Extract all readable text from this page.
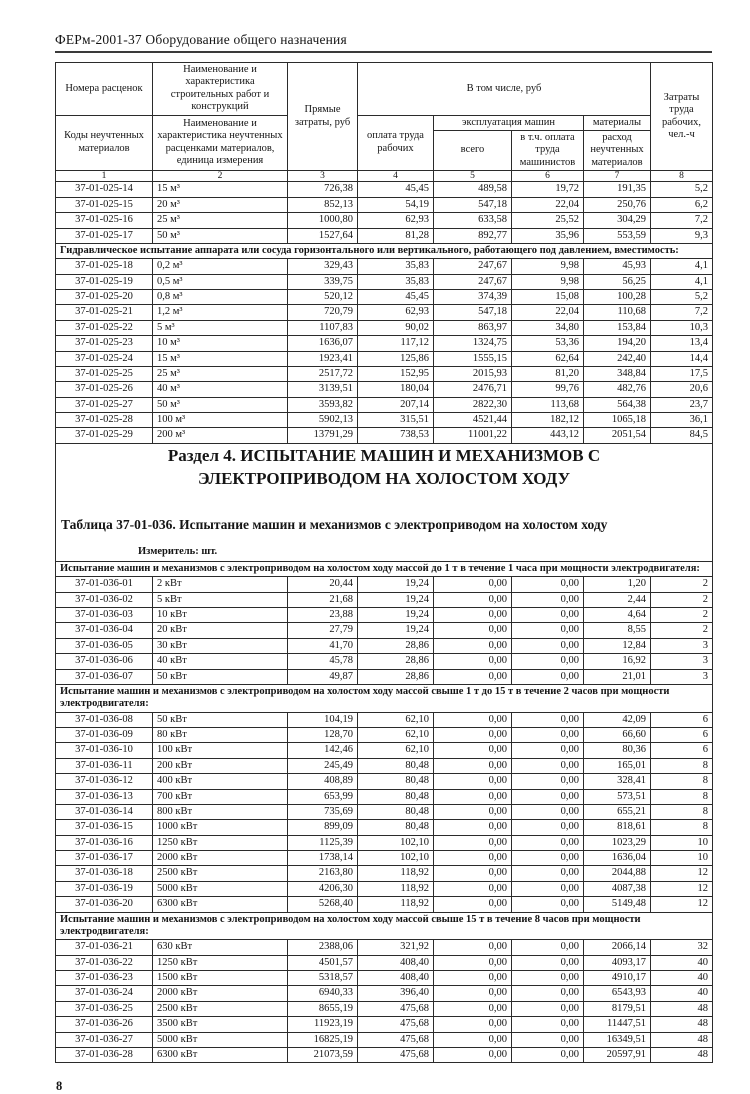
ФЕРм-2001-37 Оборудование общего назначения
Номера расценок	Наименование и характеристика строительных работ и конструкций	Прямые затраты, руб	В том числе, руб				Затраты труда рабочих, чел.-ч
Коды неучтенных материалов	Наименование и характеристика неучтенных расценками материалов, единица измерения		оплата труда рабочих	эксплуатация машин		материалы	
				всего	в т.ч. оплата труда машинистов	расход неучтенных материалов	
1	2	3	4	5	6	7	8
37-01-025-14	15 м³	726,38	45,45	489,58	19,72	191,35	5,2
37-01-025-15	20 м³	852,13	54,19	547,18	22,04	250,76	6,2
37-01-025-16	25 м³	1000,80	62,93	633,58	25,52	304,29	7,2
37-01-025-17	50 м³	1527,64	81,28	892,77	35,96	553,59	9,3
Гидравлическое испытание аппарата или сосуда горизонтального или вертикального, работающего под давлением, вместимость:							
37-01-025-18	0,2 м³	329,43	35,83	247,67	9,98	45,93	4,1
37-01-025-19	0,5 м³	339,75	35,83	247,67	9,98	56,25	4,1
37-01-025-20	0,8 м³	520,12	45,45	374,39	15,08	100,28	5,2
37-01-025-21	1,2 м³	720,79	62,93	547,18	22,04	110,68	7,2
37-01-025-22	5 м³	1107,83	90,02	863,97	34,80	153,84	10,3
37-01-025-23	10 м³	1636,07	117,12	1324,75	53,36	194,20	13,4
37-01-025-24	15 м³	1923,41	125,86	1555,15	62,64	242,40	14,4
37-01-025-25	25 м³	2517,72	152,95	2015,93	81,20	348,84	17,5
37-01-025-26	40 м³	3139,51	180,04	2476,71	99,76	482,76	20,6
37-01-025-27	50 м³	3593,82	207,14	2822,30	113,68	564,38	23,7
37-01-025-28	100 м³	5902,13	315,51	4521,44	182,12	1065,18	36,1
37-01-025-29	200 м³	13791,29	738,53	11001,22	443,12	2051,54	84,5

Раздел 4. ИСПЫТАНИЕ МАШИН И МЕХАНИЗМОВ С
ЭЛЕКТРОПРИВОДОМ НА ХОЛОСТОМ ХОДУ
Таблица 37-01-036. Испытание машин и механизмов с электроприводом на холостом ходу
Измеритель: шт.							

Испытание машин и механизмов с электроприводом на холостом ходу массой до 1 т в течение 1 часа при мощности электродвигателя:							
37-01-036-01	2 кВт	20,44	19,24	0,00	0,00	1,20	2
37-01-036-02	5 кВт	21,68	19,24	0,00	0,00	2,44	2
37-01-036-03	10 кВт	23,88	19,24	0,00	0,00	4,64	2
37-01-036-04	20 кВт	27,79	19,24	0,00	0,00	8,55	2
37-01-036-05	30 кВт	41,70	28,86	0,00	0,00	12,84	3
37-01-036-06	40 кВт	45,78	28,86	0,00	0,00	16,92	3
37-01-036-07	50 кВт	49,87	28,86	0,00	0,00	21,01	3
Испытание машин и механизмов с электроприводом на холостом ходу массой свыше 1 т до 15 т в течение 2 часов при мощности электродвигателя:							
37-01-036-08	50 кВт	104,19	62,10	0,00	0,00	42,09	6
37-01-036-09	80 кВт	128,70	62,10	0,00	0,00	66,60	6
37-01-036-10	100 кВт	142,46	62,10	0,00	0,00	80,36	6
37-01-036-11	200 кВт	245,49	80,48	0,00	0,00	165,01	8
37-01-036-12	400 кВт	408,89	80,48	0,00	0,00	328,41	8
37-01-036-13	700 кВт	653,99	80,48	0,00	0,00	573,51	8
37-01-036-14	800 кВт	735,69	80,48	0,00	0,00	655,21	8
37-01-036-15	1000 кВт	899,09	80,48	0,00	0,00	818,61	8
37-01-036-16	1250 кВт	1125,39	102,10	0,00	0,00	1023,29	10
37-01-036-17	2000 кВт	1738,14	102,10	0,00	0,00	1636,04	10
37-01-036-18	2500 кВт	2163,80	118,92	0,00	0,00	2044,88	12
37-01-036-19	5000 кВт	4206,30	118,92	0,00	0,00	4087,38	12
37-01-036-20	6300 кВт	5268,40	118,92	0,00	0,00	5149,48	12
Испытание машин и механизмов с электроприводом на холостом ходу массой свыше 15 т в течение 8 часов при мощности электродвигателя:							
37-01-036-21	630 кВт	2388,06	321,92	0,00	0,00	2066,14	32
37-01-036-22	1250 кВт	4501,57	408,40	0,00	0,00	4093,17	40
37-01-036-23	1500 кВт	5318,57	408,40	0,00	0,00	4910,17	40
37-01-036-24	2000 кВт	6940,33	396,40	0,00	0,00	6543,93	40
37-01-036-25	2500 кВт	8655,19	475,68	0,00	0,00	8179,51	48
37-01-036-26	3500 кВт	11923,19	475,68	0,00	0,00	11447,51	48
37-01-036-27	5000 кВт	16825,19	475,68	0,00	0,00	16349,51	48
37-01-036-28	6300 кВт	21073,59	475,68	0,00	0,00	20597,91	48
8
